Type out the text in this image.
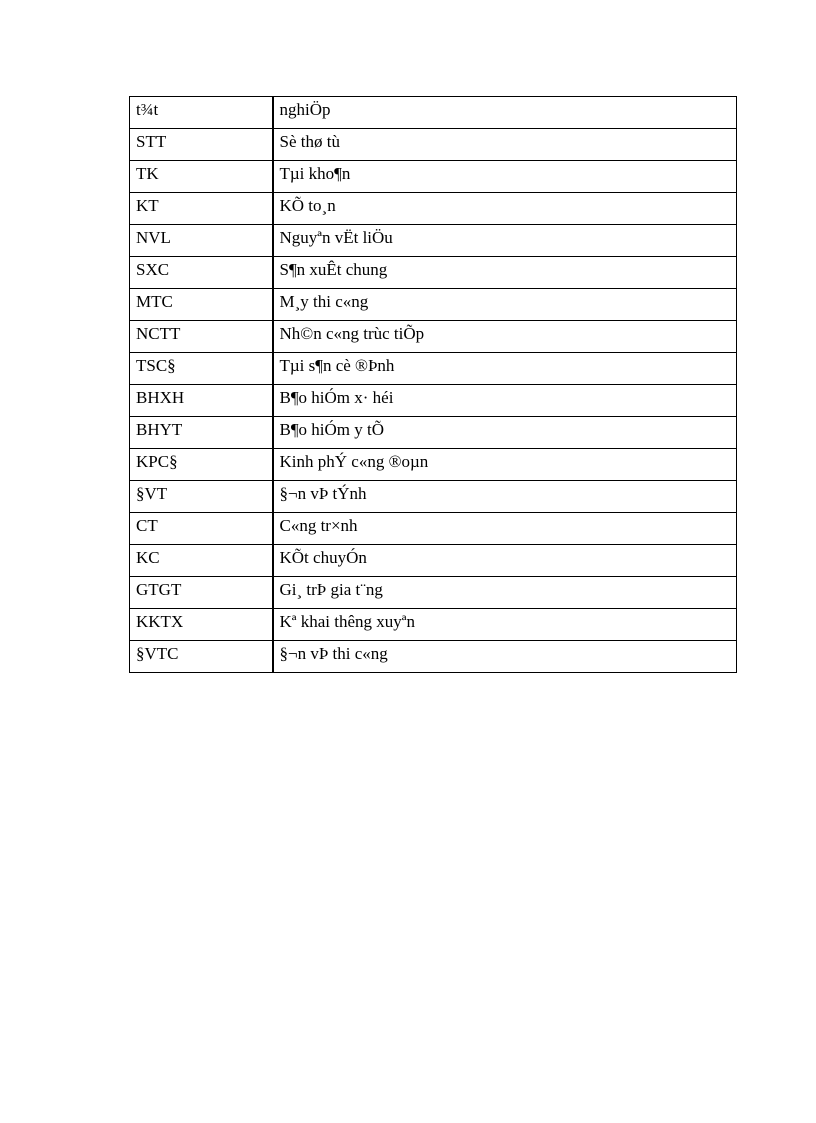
t¾t	nghiÖp
STT	Sè thø tù
TK	Tµi kho¶n
KT	KÕ to¸n
NVL	Nguyªn vËt liÖu
SXC	S¶n xuÊt chung
MTC	M¸y thi c«ng
NCTT	Nh©n c«ng trùc tiÕp
TSC§	Tµi s¶n cè ®Þnh
BHXH	B¶o hiÓm x· héi
BHYT	B¶o hiÓm y tÕ
KPC§	Kinh phÝ c«ng ®oµn
§VT	§¬n vÞ tÝnh
CT	C«ng tr×nh
KC	KÕt chuyÓn
GTGT	Gi¸ trÞ gia t¨ng
KKTX	Kª khai thêng xuyªn
§VTC	§¬n vÞ thi c«ng
